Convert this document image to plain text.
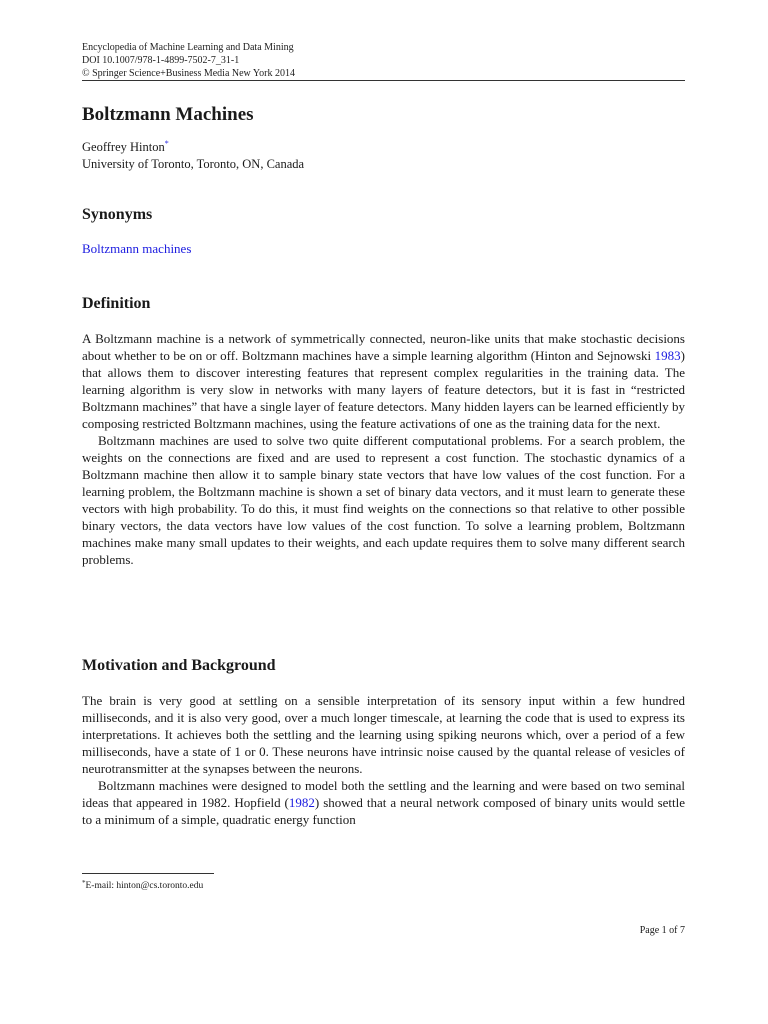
Encyclopedia of Machine Learning and Data Mining
DOI 10.1007/978-1-4899-7502-7_31-1
© Springer Science+Business Media New York 2014
Boltzmann Machines
Geoffrey Hinton*
University of Toronto, Toronto, ON, Canada
Synonyms
Boltzmann machines
Definition

A Boltzmann machine is a network of symmetrically connected, neuron-like units that make stochastic decisions about whether to be on or off. Boltzmann machines have a simple learning algorithm (Hinton and Sejnowski 1983) that allows them to discover interesting features that represent complex regularities in the training data. The learning algorithm is very slow in networks with many layers of feature detectors, but it is fast in “restricted Boltzmann machines” that have a single layer of feature detectors. Many hidden layers can be learned efficiently by composing restricted Boltzmann machines, using the feature activations of one as the training data for the next.

Boltzmann machines are used to solve two quite different computational problems. For a search problem, the weights on the connections are fixed and are used to represent a cost function. The stochastic dynamics of a Boltzmann machine then allow it to sample binary state vectors that have low values of the cost function. For a learning problem, the Boltzmann machine is shown a set of binary data vectors, and it must learn to generate these vectors with high probability. To do this, it must find weights on the connections so that relative to other possible binary vectors, the data vectors have low values of the cost function. To solve a learning problem, Boltzmann machines make many small updates to their weights, and each update requires them to solve many different search problems.

Motivation and Background

The brain is very good at settling on a sensible interpretation of its sensory input within a few hundred milliseconds, and it is also very good, over a much longer timescale, at learning the code that is used to express its interpretations. It achieves both the settling and the learning using spiking neurons which, over a period of a few milliseconds, have a state of 1 or 0. These neurons have intrinsic noise caused by the quantal release of vesicles of neurotransmitter at the synapses between the neurons.

Boltzmann machines were designed to model both the settling and the learning and were based on two seminal ideas that appeared in 1982. Hopfield (1982) showed that a neural network composed of binary units would settle to a minimum of a simple, quadratic energy function

*E-mail: hinton@cs.toronto.edu
Page 1 of 7
